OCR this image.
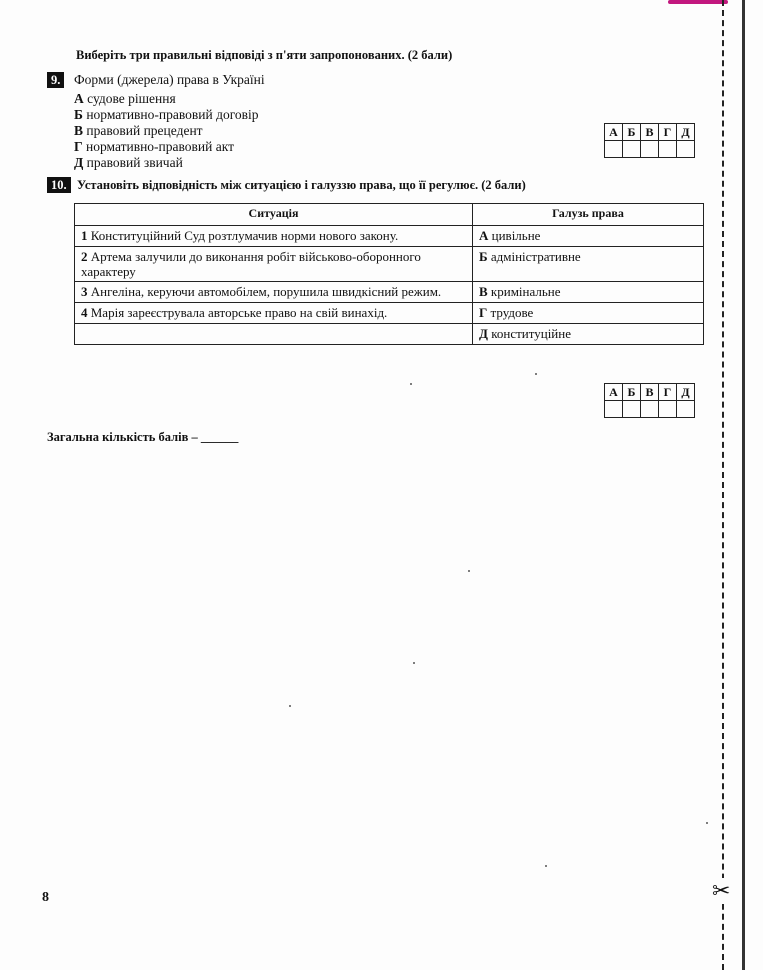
✂
Виберіть три правильні відповіді з п'яти запропонованих. (2 бали)
9. Форми (джерела) права в Україні
А судове рішення
Б нормативно-правовий договір
В правовий прецедент
Г нормативно-правовий акт
Д правовий звичай
А	Б	В	Г	Д

10. Установіть відповідність між ситуацією і галуззю права, що її регулює. (2 бали)
Ситуація	Галузь права
1 Конституційний Суд розтлумачив норми нового закону.	А цивільне
2 Артема залучили до виконання робіт військово-оборонного характеру	Б адміністративне
3 Ангеліна, керуючи автомобілем, порушила швидкісний режим.	В кримінальне
4 Марія зареєструвала авторське право на свій винахід.	Г трудове
	Д конституційне
А	Б	В	Г	Д

Загальна кількість балів – ______
8
